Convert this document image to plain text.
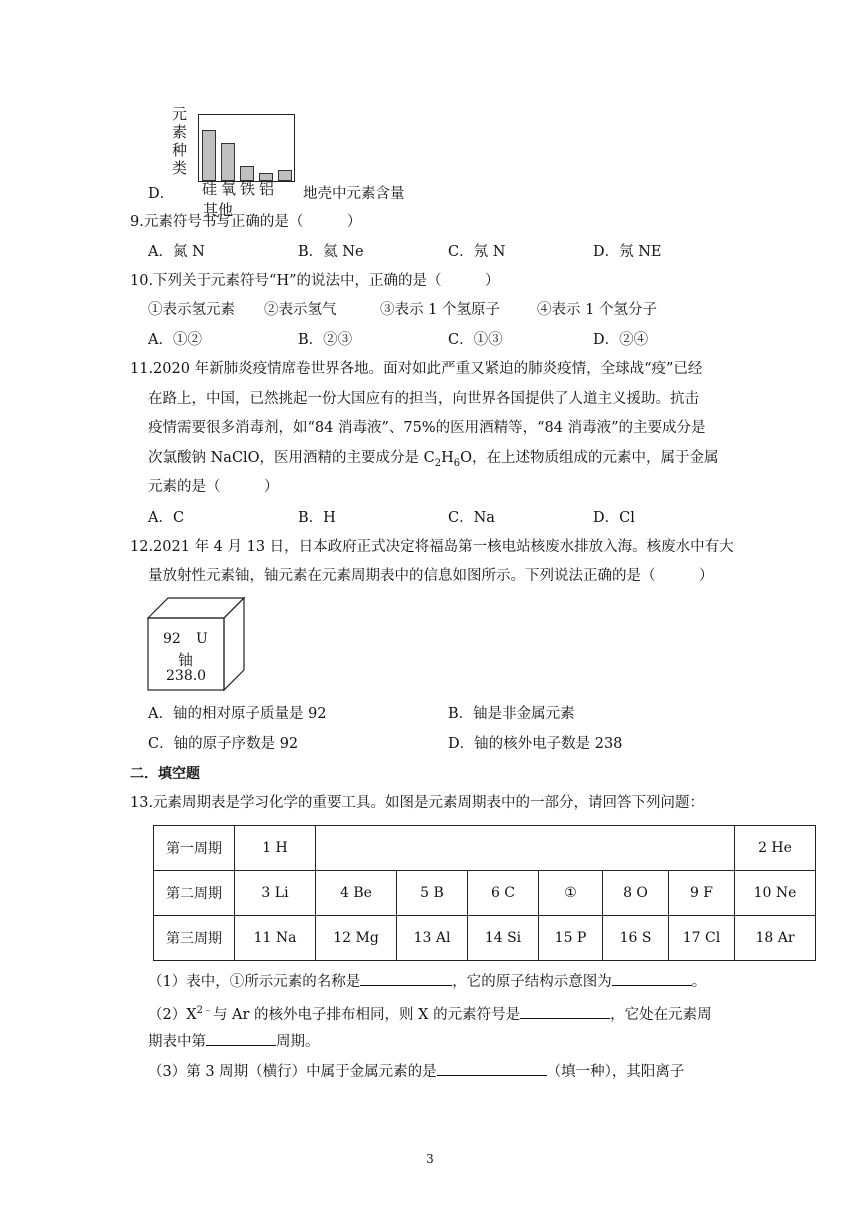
元
素
种
类
硅 氧 铁 铝其他
D．	地壳中元素含量
9.元素符号书写正确的是（　　　）
A．氮 N	B．氦 Ne	C．氖 N	D．氖 NE
10.下列关于元素符号“H”的说法中，正确的是（　　　）
①表示氢元素 ②表示氢气	③表示 1 个氢原子	④表示 1 个氢分子
A．①②	B．②③	C．①③	D．②④
11.2020 年新肺炎疫情席卷世界各地。面对如此严重又紧迫的肺炎疫情，全球战“疫”已经
在路上，中国，已然挑起一份大国应有的担当，向世界各国提供了人道主义援助。抗击
疫情需要很多消毒剂，如“84 消毒液”、75%的医用酒精等，“84 消毒液”的主要成分是
次氯酸钠 NaClO，医用酒精的主要成分是 $C_2H_6O$，在上述物质组成的元素中，属于金属
元素的是（　　　）
A．C	B．H	C．Na	D．Cl
12.2021 年 4 月 13 日，日本政府正式决定将福岛第一核电站核废水排放入海。核废水中有大
量放射性元素铀，铀元素在元素周期表中的信息如图所示。下列说法正确的是（　　　）
92 U
铀
238.0
A．铀的相对原子质量是 92	B．铀是非金属元素
C．铀的原子序数是 92	D．铀的核外电子数是 238
二．填空题
13.元素周期表是学习化学的重要工具。如图是元素周期表中的一部分，请回答下列问题：
第一周期	1 H							2 He
第二周期	3 Li	4 Be	5 B	6 C	①	8 O	9 F	10 Ne
第三周期	11 Na	12 Mg	13 Al	14 Si	15 P	16 S	17 Cl	18 Ar
（1）表中，①所示元素的名称是	，它的原子结构示意图为	。
$(2)X^{2﹣}$与 Ar 的核外电子排布相同，则 X 的元素符号是	，它处在元素周
期表中第	周期。
（3）第 3 周期（横行）中属于金属元素的是	（填一种），其阳离子
3
